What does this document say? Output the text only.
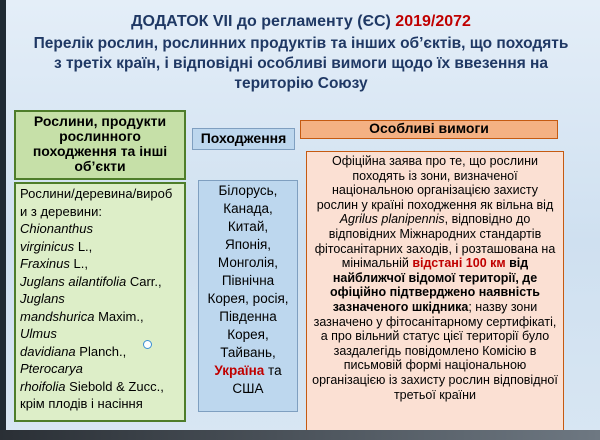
ДОДАТОК VII до регламенту (ЄС) 2019/2072
Перелік рослин, рослинних продуктів та інших об’єктів, що походять
з третіх країн, і відповідні особливі вимоги щодо їх ввезення на
територію Союзу
Рослини, продукти
рослинного
походження та інші
об’єкти
Походження
Особливі вимоги
Рослини/деревина/вироб
и з деревини:
Chionanthus
virginicus L.,
Fraxinus L.,
Juglans ailantifolia Carr.,
Juglans
mandshurica Maxim.,
Ulmus
davidiana Planch.,
Pterocarya
rhoifolia Siebold & Zucc.,
крім плодів і насіння
Білорусь,
Канада,
Китай,
Японія,
Монголія,
Північна
Корея, росія,
Південна
Корея,
Тайвань,
Україна та
США
Офіційна заява про те, що рослини походять із зони, визначеної національною організацією захисту рослин у країні походження як вільна від Agrilus planipennis, відповідно до відповідних Міжнародних стандартів фітосанітарних заходів, і розташована на мінімальній відстані 100 км від найближчої відомої території, де офіційно підтверджено наявність зазначеного шкідника; назву зони зазначено у фітосанітарному сертифікаті, а про вільний статус цієї території було заздалегідь повідомлено Комісію в письмовій формі національною організацією із захисту рослин відповідної третьої країни
